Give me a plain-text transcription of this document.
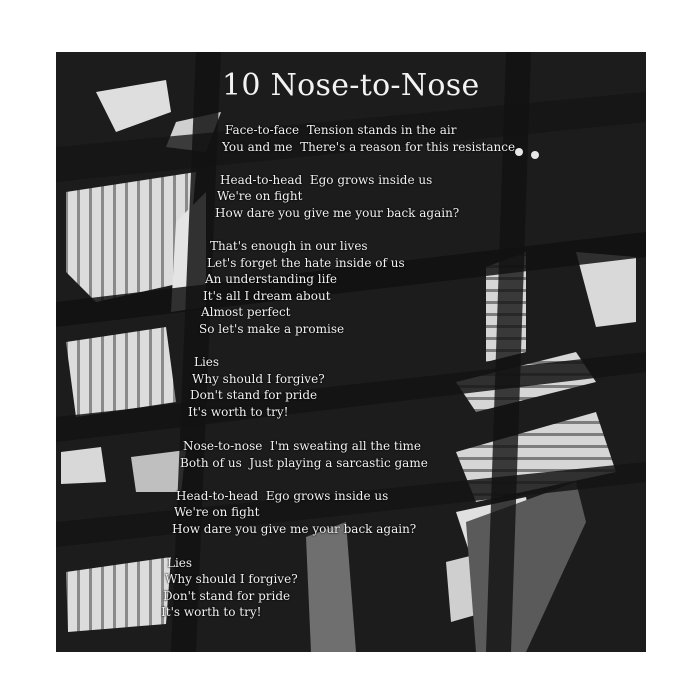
10 Nose-to-Nose
Face-to-face  Tension stands in the air
You and me  There's a reason for this resistance
Head-to-head  Ego grows inside us
We're on fight
How dare you give me your back again?
That's enough in our lives
Let's forget the hate inside of us
An understanding life
It's all I dream about
Almost perfect
So let's make a promise
Lies
Why should I forgive?
Don't stand for pride
It's worth to try!
Nose-to-nose  I'm sweating all the time
Both of us  Just playing a sarcastic game
Head-to-head  Ego grows inside us
We're on fight
How dare you give me your back again?
Lies
Why should I forgive?
Don't stand for pride
It's worth to try!
